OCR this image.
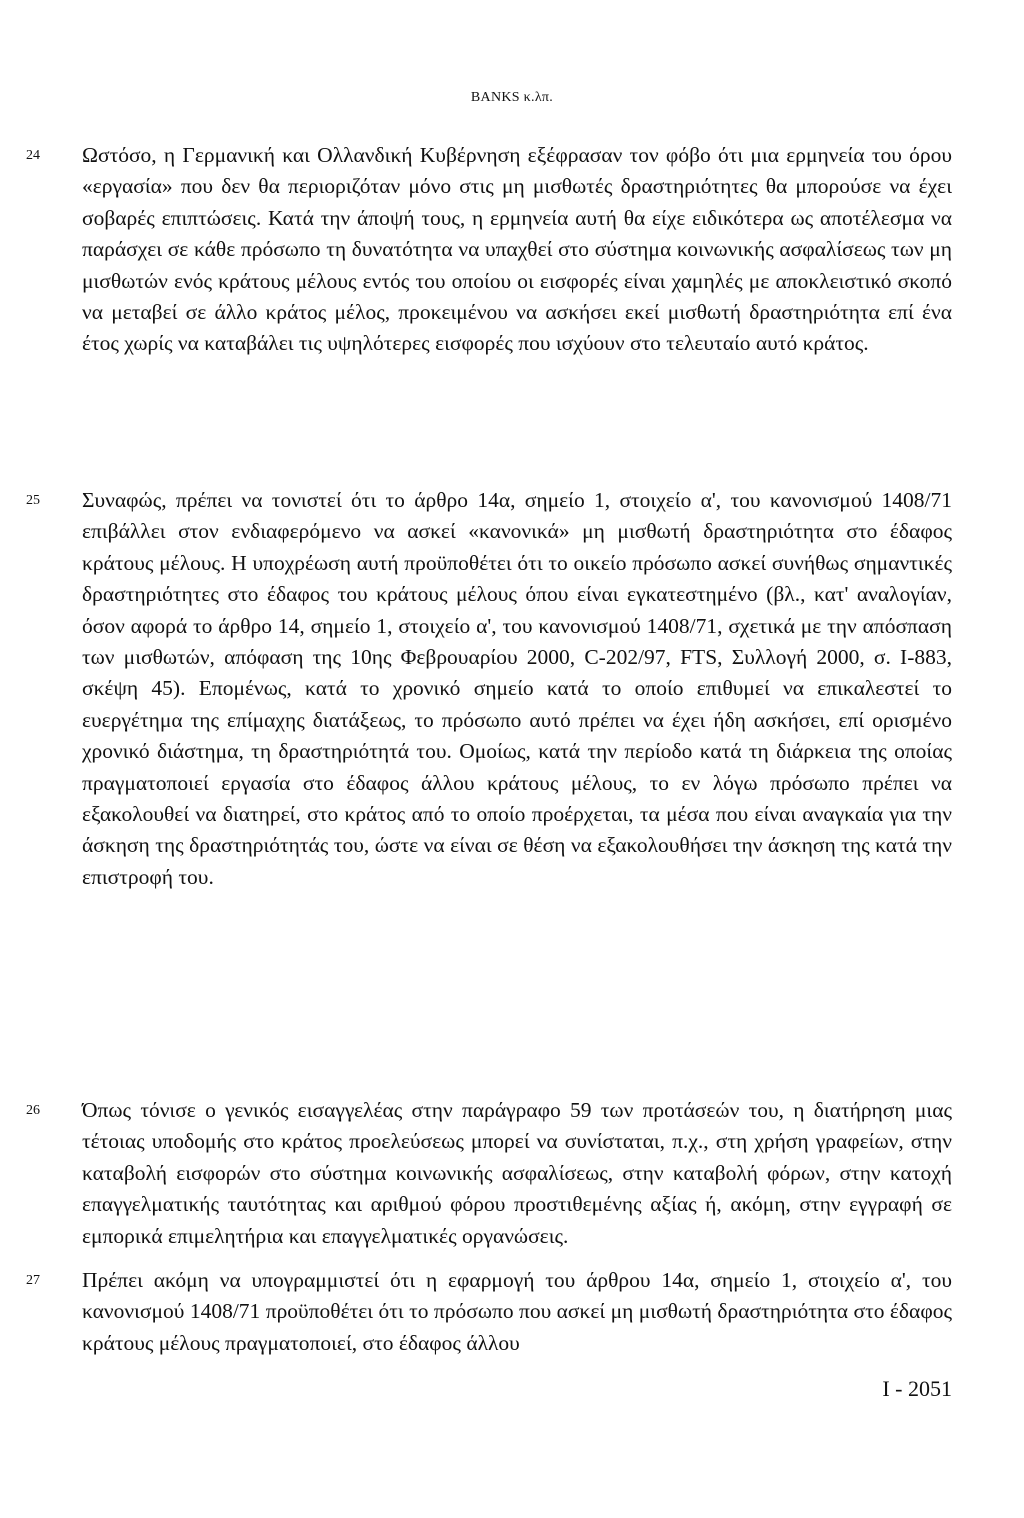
BANKS κ.λπ.
24 Ωστόσο, η Γερμανική και Ολλανδική Κυβέρνηση εξέφρασαν τον φόβο ότι μια ερμηνεία του όρου «εργασία» που δεν θα περιοριζόταν μόνο στις μη μισθωτές δραστηριότητες θα μπορούσε να έχει σοβαρές επιπτώσεις. Κατά την άποψή τους, η ερμηνεία αυτή θα είχε ειδικότερα ως αποτέλεσμα να παράσχει σε κάθε πρόσωπο τη δυνατότητα να υπαχθεί στο σύστημα κοινωνικής ασφαλίσεως των μη μισθωτών ενός κράτους μέλους εντός του οποίου οι εισφορές είναι χαμηλές με αποκλειστικό σκοπό να μεταβεί σε άλλο κράτος μέλος, προκειμένου να ασκήσει εκεί μισθωτή δραστηριότητα επί ένα έτος χωρίς να καταβάλει τις υψηλότερες εισφορές που ισχύουν στο τελευταίο αυτό κράτος.

25 Συναφώς, πρέπει να τονιστεί ότι το άρθρο 14α, σημείο 1, στοιχείο α', του κανονισμού 1408/71 επιβάλλει στον ενδιαφερόμενο να ασκεί «κανονικά» μη μισθωτή δραστηριότητα στο έδαφος κράτους μέλους. Η υποχρέωση αυτή προϋποθέτει ότι το οικείο πρόσωπο ασκεί συνήθως σημαντικές δραστηριότητες στο έδαφος του κράτους μέλους όπου είναι εγκατεστημένο (βλ., κατ' αναλογίαν, όσον αφορά το άρθρο 14, σημείο 1, στοιχείο α', του κανονισμού 1408/71, σχετικά με την απόσπαση των μισθωτών, απόφαση της 10ης Φεβρουαρίου 2000, C-202/97, FTS, Συλλογή 2000, σ. I-883, σκέψη 45). Επομένως, κατά το χρονικό σημείο κατά το οποίο επιθυμεί να επικαλεστεί το ευεργέτημα της επίμαχης διατάξεως, το πρόσωπο αυτό πρέπει να έχει ήδη ασκήσει, επί ορισμένο χρονικό διάστημα, τη δραστηριότητά του. Ομοίως, κατά την περίοδο κατά τη διάρκεια της οποίας πραγματοποιεί εργασία στο έδαφος άλλου κράτους μέλους, το εν λόγω πρόσωπο πρέπει να εξακολουθεί να διατηρεί, στο κράτος από το οποίο προέρχεται, τα μέσα που είναι αναγκαία για την άσκηση της δραστηριότητάς του, ώστε να είναι σε θέση να εξακολουθήσει την άσκηση της κατά την επιστροφή του.

26 Όπως τόνισε ο γενικός εισαγγελέας στην παράγραφο 59 των προτάσεών του, η διατήρηση μιας τέτοιας υποδομής στο κράτος προελεύσεως μπορεί να συνίσταται, π.χ., στη χρήση γραφείων, στην καταβολή εισφορών στο σύστημα κοινωνικής ασφαλίσεως, στην καταβολή φόρων, στην κατοχή επαγγελματικής ταυτότητας και αριθμού φόρου προστιθεμένης αξίας ή, ακόμη, στην εγγραφή σε εμπορικά επιμελητήρια και επαγγελματικές οργανώσεις.

27 Πρέπει ακόμη να υπογραμμιστεί ότι η εφαρμογή του άρθρου 14α, σημείο 1, στοιχείο α', του κανονισμού 1408/71 προϋποθέτει ότι το πρόσωπο που ασκεί μη μισθωτή δραστηριότητα στο έδαφος κράτους μέλους πραγματοποιεί, στο έδαφος άλλου

I - 2051
